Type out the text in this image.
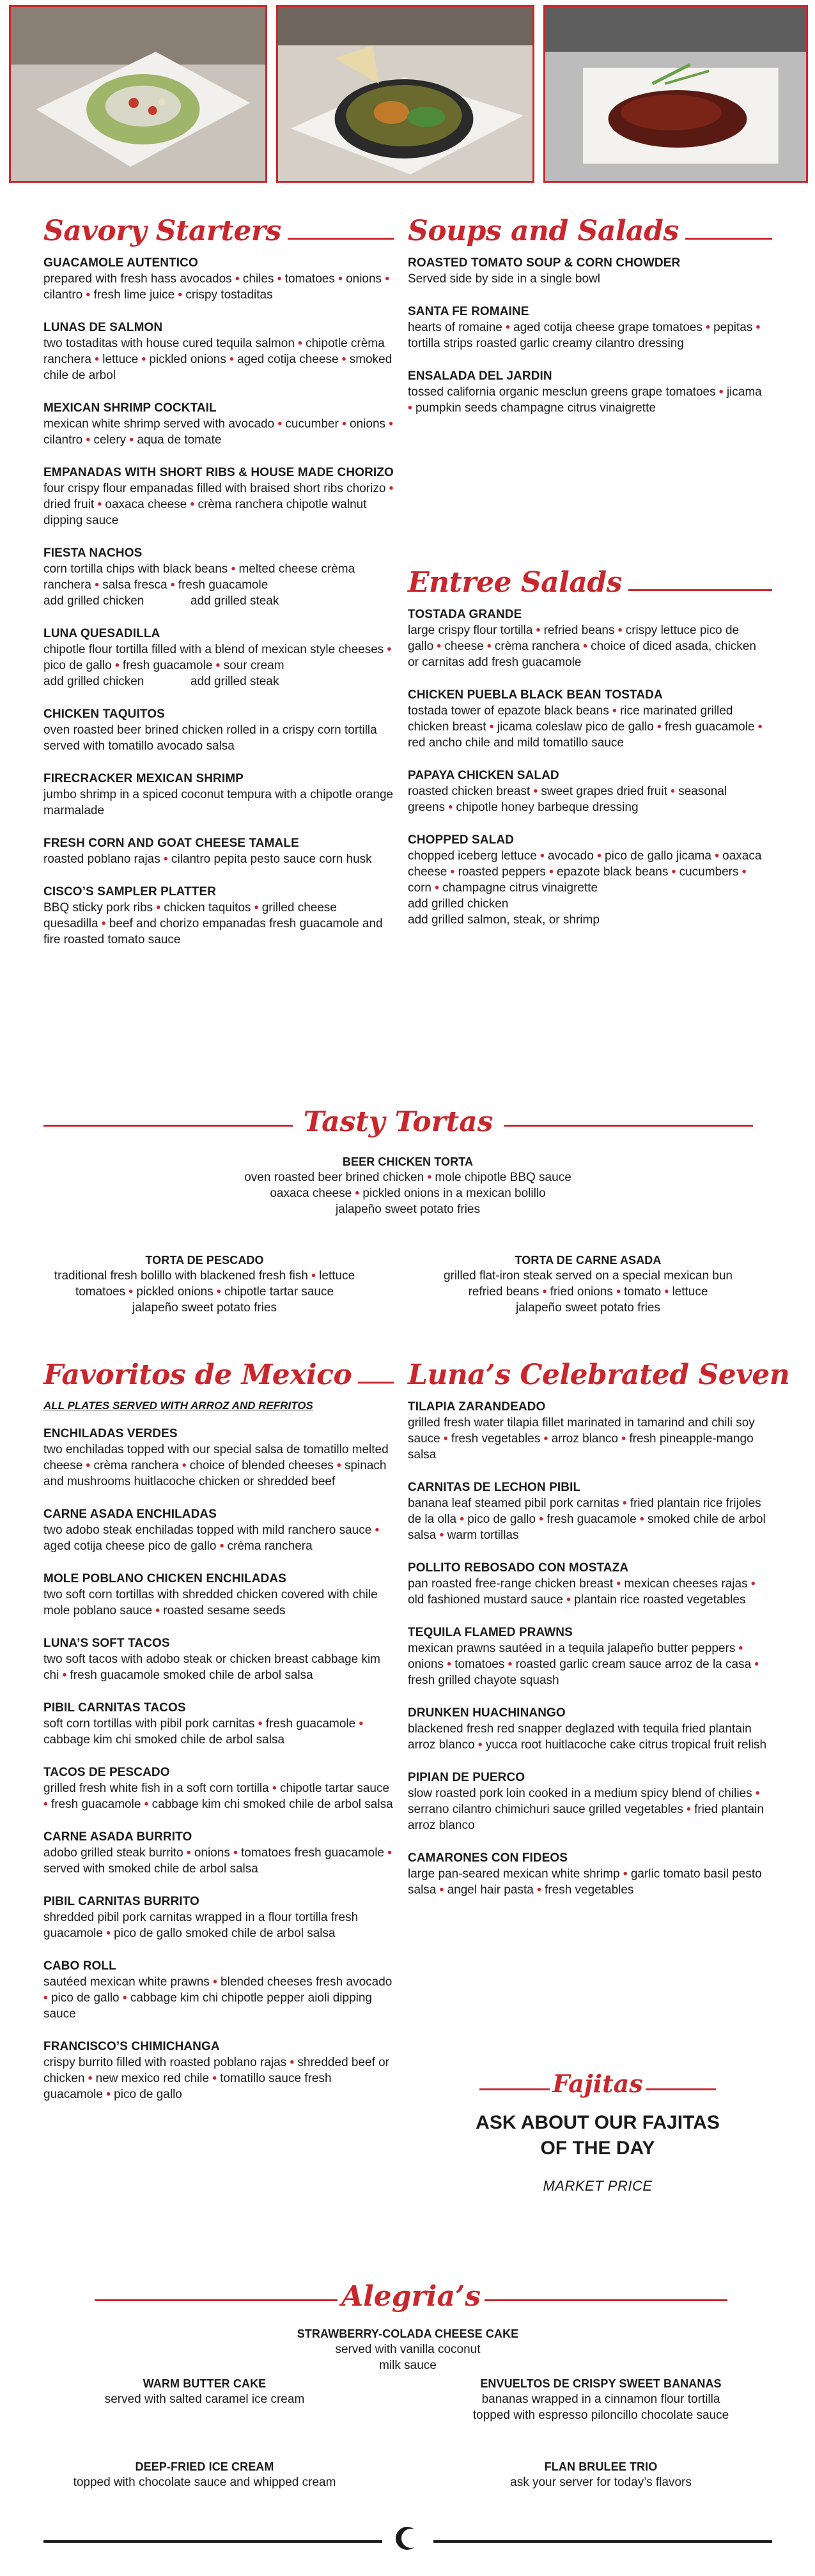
Savory Starters
GUACAMOLE AUTENTICO
prepared with fresh hass avocados • chiles • tomatoes • onions • cilantro • fresh lime juice • crispy tostaditas
LUNAS DE SALMON
two tostaditas with house cured tequila salmon • chipotle crèma ranchera • lettuce • pickled onions • aged cotija cheese • smoked chile de arbol
MEXICAN SHRIMP COCKTAIL
mexican white shrimp served with avocado • cucumber • onions • cilantro • celery • aqua de tomate
EMPANADAS WITH SHORT RIBS & HOUSE MADE CHORIZO
four crispy flour empanadas filled with braised short ribs chorizo • dried fruit • oaxaca cheese • crèma ranchera chipotle walnut dipping sauce
FIESTA NACHOS
corn tortilla chips with black beans • melted cheese crèma ranchera • salsa fresca • fresh guacamole
add grilled chicken	add grilled steak
LUNA QUESADILLA
chipotle flour tortilla filled with a blend of mexican style cheeses • pico de gallo • fresh guacamole • sour cream
add grilled chicken	add grilled steak
CHICKEN TAQUITOS
oven roasted beer brined chicken rolled in a crispy corn tortilla served with tomatillo avocado salsa
FIRECRACKER MEXICAN SHRIMP
jumbo shrimp in a spiced coconut tempura with a chipotle orange marmalade
FRESH CORN AND GOAT CHEESE TAMALE
roasted poblano rajas • cilantro pepita pesto sauce corn husk
CISCO’S SAMPLER PLATTER
BBQ sticky pork ribs • chicken taquitos • grilled cheese quesadilla • beef and chorizo empanadas fresh guacamole and fire roasted tomato sauce
Soups and Salads
ROASTED TOMATO SOUP & CORN CHOWDER
Served side by side in a single bowl
SANTA FE ROMAINE
hearts of romaine • aged cotija cheese grape tomatoes • pepitas • tortilla strips roasted garlic creamy cilantro dressing
ENSALADA DEL JARDIN
tossed california organic mesclun greens grape tomatoes • jicama • pumpkin seeds champagne citrus vinaigrette
Entree Salads
TOSTADA GRANDE
large crispy flour tortilla • refried beans • crispy lettuce pico de gallo • cheese • crèma ranchera • choice of diced asada, chicken or carnitas add fresh guacamole
CHICKEN PUEBLA BLACK BEAN TOSTADA
tostada tower of epazote black beans • rice marinated grilled chicken breast • jicama coleslaw pico de gallo • fresh guacamole • red ancho chile and mild tomatillo sauce
PAPAYA CHICKEN SALAD
roasted chicken breast • sweet grapes dried fruit • seasonal greens • chipotle honey barbeque dressing
CHOPPED SALAD
chopped iceberg lettuce • avocado • pico de gallo jicama • oaxaca cheese • roasted peppers • epazote black beans • cucumbers • corn • champagne citrus vinaigrette
add grilled chicken
add grilled salmon, steak, or shrimp
Tasty Tortas
BEER CHICKEN TORTA
oven roasted beer brined chicken • mole chipotle BBQ sauce
oaxaca cheese • pickled onions in a mexican bolillo
jalapeño sweet potato fries
TORTA DE PESCADO
traditional fresh bolillo with blackened fresh fish • lettuce
tomatoes • pickled onions • chipotle tartar sauce
jalapeño sweet potato fries
TORTA DE CARNE ASADA
grilled flat-iron steak served on a special mexican bun
refried beans • fried onions • tomato • lettuce
jalapeño sweet potato fries
Favoritos de Mexico
ALL PLATES SERVED WITH ARROZ AND REFRITOS
ENCHILADAS VERDES
two enchiladas topped with our special salsa de tomatillo melted cheese • crèma ranchera • choice of blended cheeses • spinach and mushrooms huitlacoche chicken or shredded beef
CARNE ASADA ENCHILADAS
two adobo steak enchiladas topped with mild ranchero sauce • aged cotija cheese pico de gallo • crèma ranchera
MOLE POBLANO CHICKEN ENCHILADAS
two soft corn tortillas with shredded chicken covered with chile mole poblano sauce • roasted sesame seeds
LUNA’S SOFT TACOS
two soft tacos with adobo steak or chicken breast cabbage kim chi • fresh guacamole smoked chile de arbol salsa
PIBIL CARNITAS TACOS
soft corn tortillas with pibil pork carnitas • fresh guacamole • cabbage kim chi smoked chile de arbol salsa
TACOS DE PESCADO
grilled fresh white fish in a soft corn tortilla • chipotle tartar sauce • fresh guacamole • cabbage kim chi smoked chile de arbol salsa
CARNE ASADA BURRITO
adobo grilled steak burrito • onions • tomatoes fresh guacamole • served with smoked chile de arbol salsa
PIBIL CARNITAS BURRITO
shredded pibil pork carnitas wrapped in a flour tortilla fresh guacamole • pico de gallo smoked chile de arbol salsa
CABO ROLL
sautéed mexican white prawns • blended cheeses fresh avocado • pico de gallo • cabbage kim chi chipotle pepper aioli dipping sauce
FRANCISCO’S CHIMICHANGA
crispy burrito filled with roasted poblano rajas • shredded beef or chicken • new mexico red chile • tomatillo sauce fresh guacamole • pico de gallo
Luna’s Celebrated Seven
TILAPIA ZARANDEADO
grilled fresh water tilapia fillet marinated in tamarind and chili soy sauce • fresh vegetables • arroz blanco • fresh pineapple-mango salsa
CARNITAS DE LECHON PIBIL
banana leaf steamed pibil pork carnitas • fried plantain rice frijoles de la olla • pico de gallo • fresh guacamole • smoked chile de arbol salsa • warm tortillas
POLLITO REBOSADO CON MOSTAZA
pan roasted free-range chicken breast • mexican cheeses rajas • old fashioned mustard sauce • plantain rice roasted vegetables
TEQUILA FLAMED PRAWNS
mexican prawns sautéed in a tequila jalapeño butter peppers • onions • tomatoes • roasted garlic cream sauce arroz de la casa • fresh grilled chayote squash
DRUNKEN HUACHINANGO
blackened fresh red snapper deglazed with tequila fried plantain arroz blanco • yucca root huitlacoche cake citrus tropical fruit relish
PIPIAN DE PUERCO
slow roasted pork loin cooked in a medium spicy blend of chilies • serrano cilantro chimichuri sauce grilled vegetables • fried plantain arroz blanco
CAMARONES CON FIDEOS
large pan-seared mexican white shrimp • garlic tomato basil pesto salsa • angel hair pasta • fresh vegetables
Fajitas
ASK ABOUT OUR FAJITAS
OF THE DAY
MARKET PRICE
Alegria’s
STRAWBERRY-COLADA CHEESE CAKE
served with vanilla coconut
milk sauce
WARM BUTTER CAKE
served with salted caramel ice cream
ENVUELTOS DE CRISPY SWEET BANANAS
bananas wrapped in a cinnamon flour tortilla
topped with espresso piloncillo chocolate sauce
DEEP-FRIED ICE CREAM
topped with chocolate sauce and whipped cream
FLAN BRULEE TRIO
ask your server for today’s flavors
